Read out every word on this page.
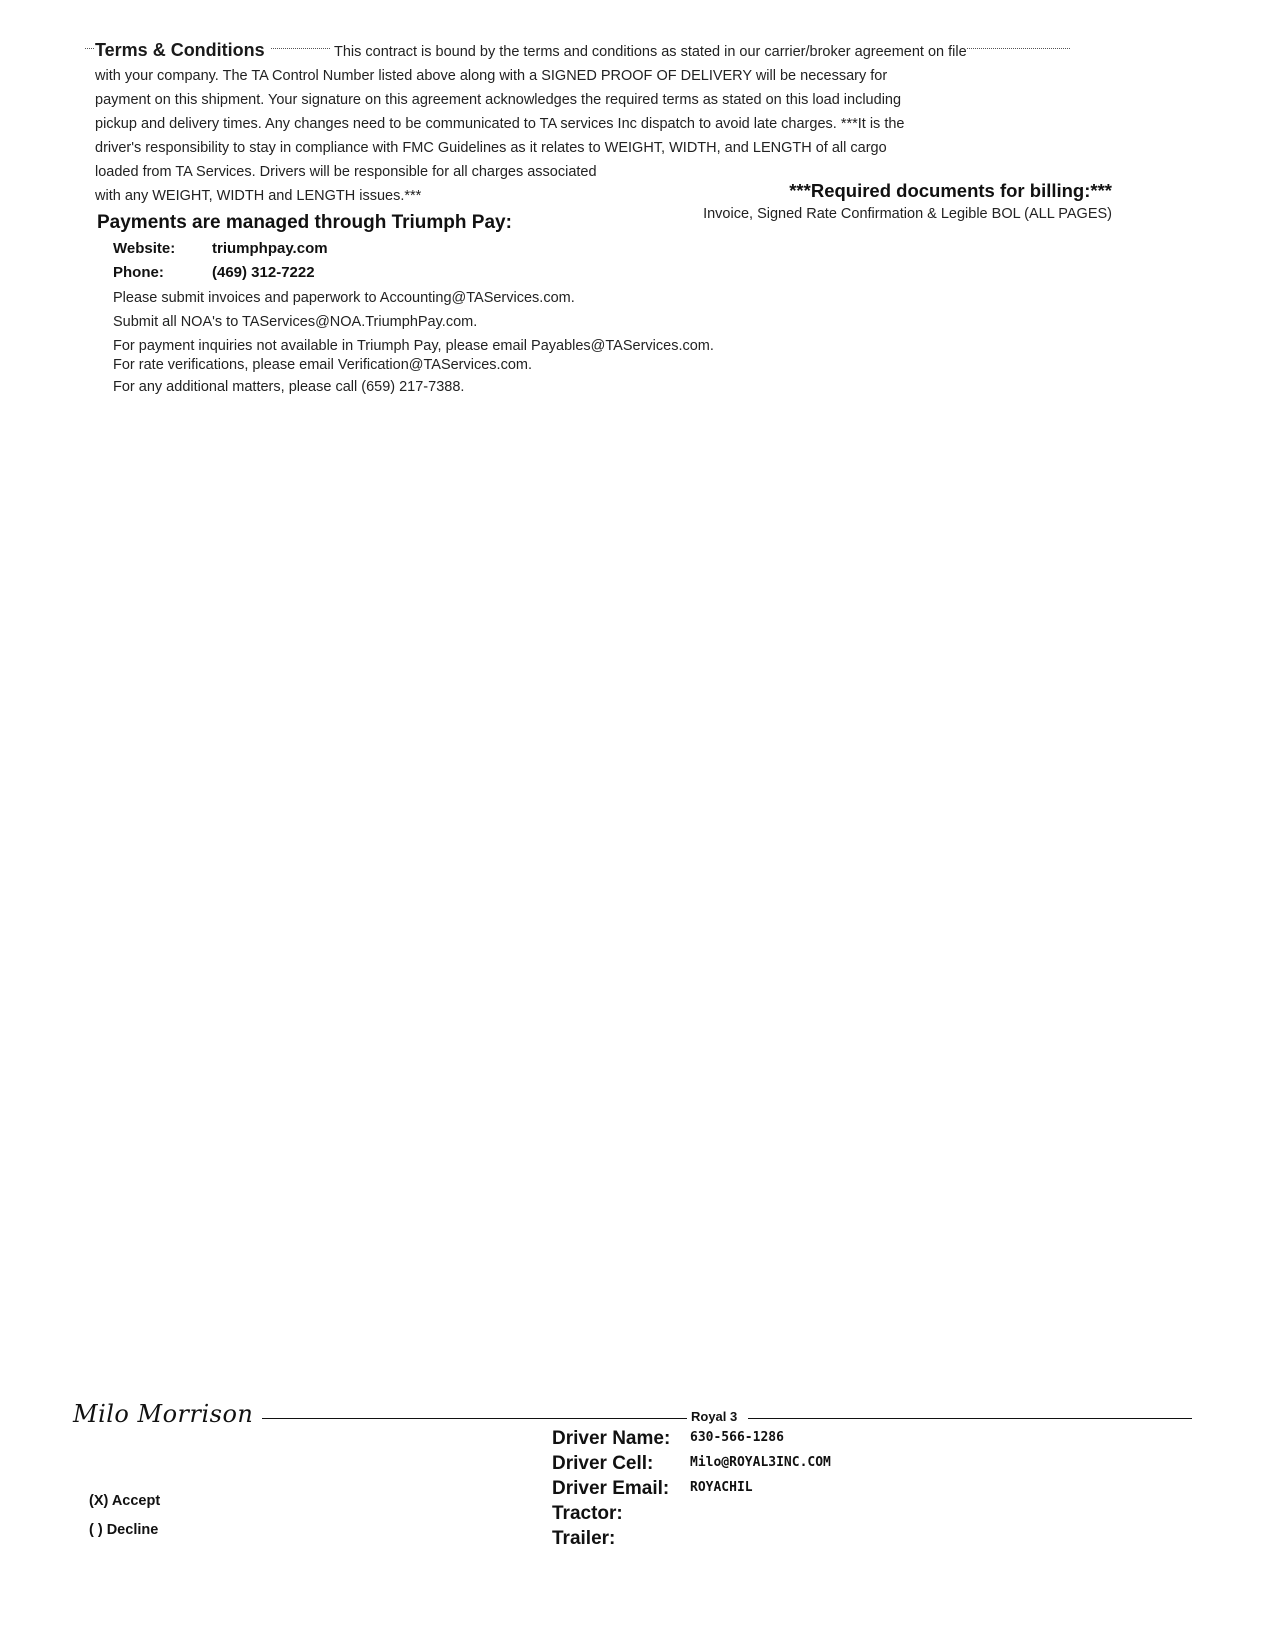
Terms & Conditions	This contract is bound by the terms and conditions as stated in our carrier/broker agreement on file
with your company. The TA Control Number listed above along with a SIGNED PROOF OF DELIVERY will be necessary for
payment on this shipment. Your signature on this agreement acknowledges the required terms as stated on this load including
pickup and delivery times. Any changes need to be communicated to TA services Inc dispatch to avoid late charges. ***It is the
driver's responsibility to stay in compliance with FMC Guidelines as it relates to WEIGHT, WIDTH, and LENGTH of all cargo
loaded from TA Services. Drivers will be responsible for all charges associated
with any WEIGHT, WIDTH and LENGTH issues.***	***Required documents for billing:***
Invoice, Signed Rate Confirmation & Legible BOL (ALL PAGES)
Payments are managed through Triumph Pay:
Website: triumphpay.com
Phone:	(469) 312-7222
Please submit invoices and paperwork to Accounting@TAServices.com.
Submit all NOA's to TAServices@NOA.TriumphPay.com.
For payment inquiries not available in Triumph Pay, please email Payables@TAServices.com.
For rate verifications, please email Verification@TAServices.com.
For any additional matters, please call (659) 217-7388.
Milo Morrison	Royal 3
Driver Name: 630-566-1286
Driver Cell:	Milo@ROYAL3INC.COM
Driver Email: ROYACHIL
Tractor:
Trailer:
(X) Accept
( ) Decline
